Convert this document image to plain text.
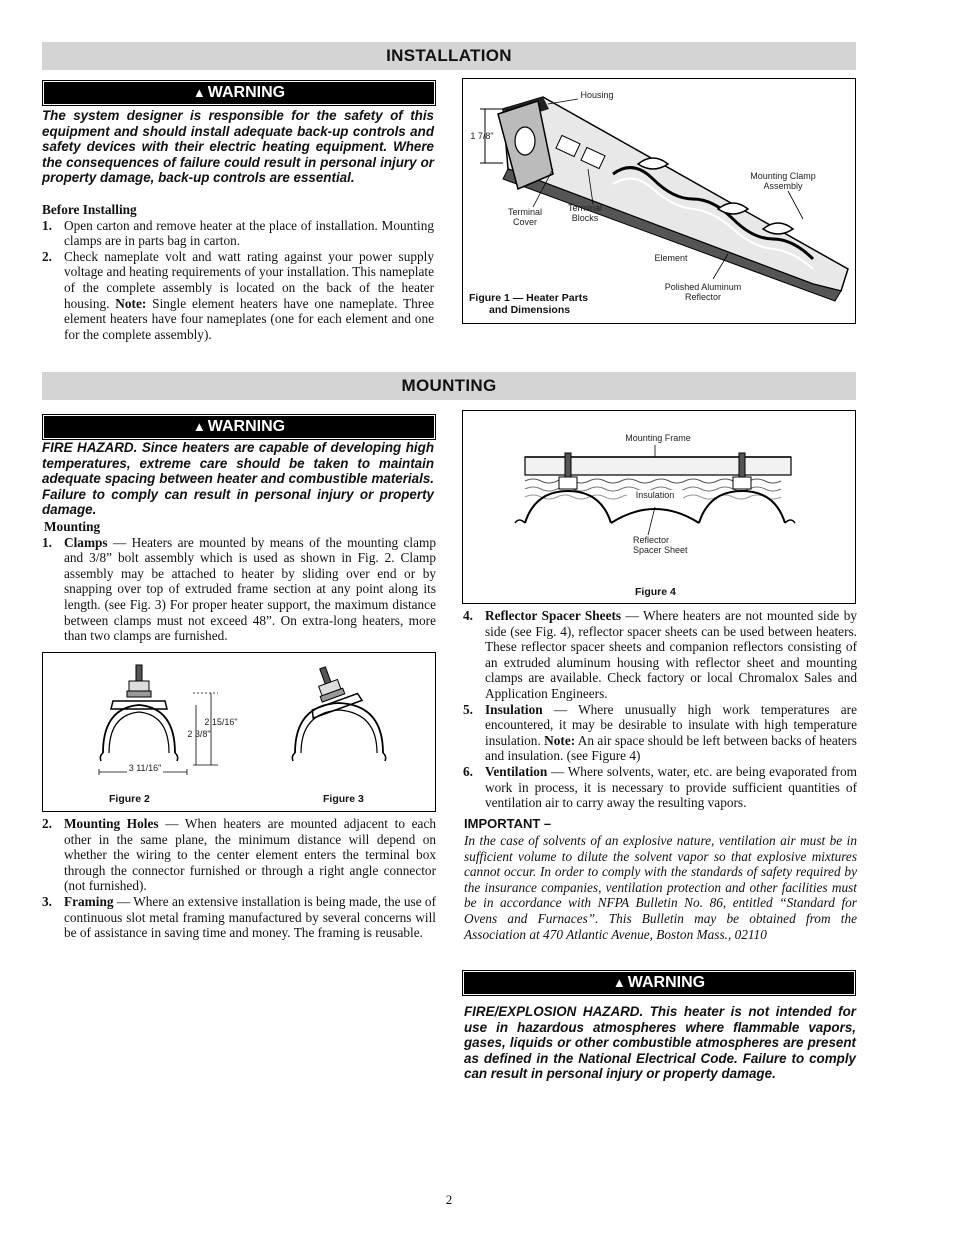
INSTALLATION
▲ WARNING
The system designer is responsible for the safety of this equipment and should install adequate back-up controls and safety devices with their electric heating equipment. Where the consequences of failure could result in personal injury or property damage, back-up controls are essential.
Before Installing
1. Open carton and remove heater at the place of installation. Mounting clamps are in parts bag in carton.
2. Check nameplate volt and watt rating against your power supply voltage and heating requirements of your installation. This nameplate of the complete assembly is located on the back of the heater housing. Note: Single element heaters have one nameplate. Three element heaters have four nameplates (one for each element and one for the complete assembly).
Housing
1 7/8"
Terminal
Cover
Terminal
Blocks
Mounting Clamp
Assembly
Element
Polished Aluminum
Reflector
Figure 1 — Heater Parts
and Dimensions
MOUNTING
▲ WARNING
FIRE HAZARD. Since heaters are capable of developing high temperatures, extreme care should be taken to maintain adequate spacing between heater and combustible materials. Failure to comply can result in personal injury or property damage.
Mounting
1. Clamps — Heaters are mounted by means of the mounting clamp and 3/8” bolt assembly which is used as shown in Fig. 2. Clamp assembly may be attached to heater by sliding over end or by snapping over top of extruded frame section at any point along its length. (see Fig. 3) For proper heater support, the maximum distance between clamps must not exceed 48”. On extra-long heaters, more than two clamps are furnished.
2 15/16"
2 3/8"
3 11/16"
Figure 2	Figure 3
2. Mounting Holes — When heaters are mounted adjacent to each other in the same plane, the minimum distance will depend on whether the wiring to the center element enters the terminal box through the connector furnished or through a right angle connector (not furnished).
3. Framing — Where an extensive installation is being made, the use of continuous slot metal framing manufactured by several concerns will be of assistance in saving time and money. The framing is reusable.
Mounting Frame
Insulation
Reflector
Spacer Sheet
Figure 4
4. Reflector Spacer Sheets — Where heaters are not mounted side by side (see Fig. 4), reflector spacer sheets can be used between heaters. These reflector spacer sheets and companion reflectors consisting of an extruded aluminum housing with reflector sheet and mounting clamps are available. Check factory or local Chromalox Sales and Application Engineers.
5. Insulation — Where unusually high work temperatures are encountered, it may be desirable to insulate with high temperature insulation. Note: An air space should be left between backs of heaters and insulation. (see Figure 4)
6. Ventilation — Where solvents, water, etc. are being evaporated from work in process, it is necessary to provide sufficient quantities of ventilation air to carry away the resulting vapors.
IMPORTANT –
In the case of solvents of an explosive nature, ventilation air must be in sufficient volume to dilute the solvent vapor so that explosive mixtures cannot occur. In order to comply with the standards of safety required by the insurance companies, ventilation protection and other facilities must be in accordance with NFPA Bulletin No. 86, entitled “Standard for Ovens and Furnaces”. This Bulletin may be obtained from the Association at 470 Atlantic Avenue, Boston Mass., 02110
▲ WARNING
FIRE/EXPLOSION HAZARD. This heater is not intended for use in hazardous atmospheres where flammable vapors, gases, liquids or other combustible atmospheres are present as defined in the National Electrical Code. Failure to comply can result in personal injury or property damage.
2
